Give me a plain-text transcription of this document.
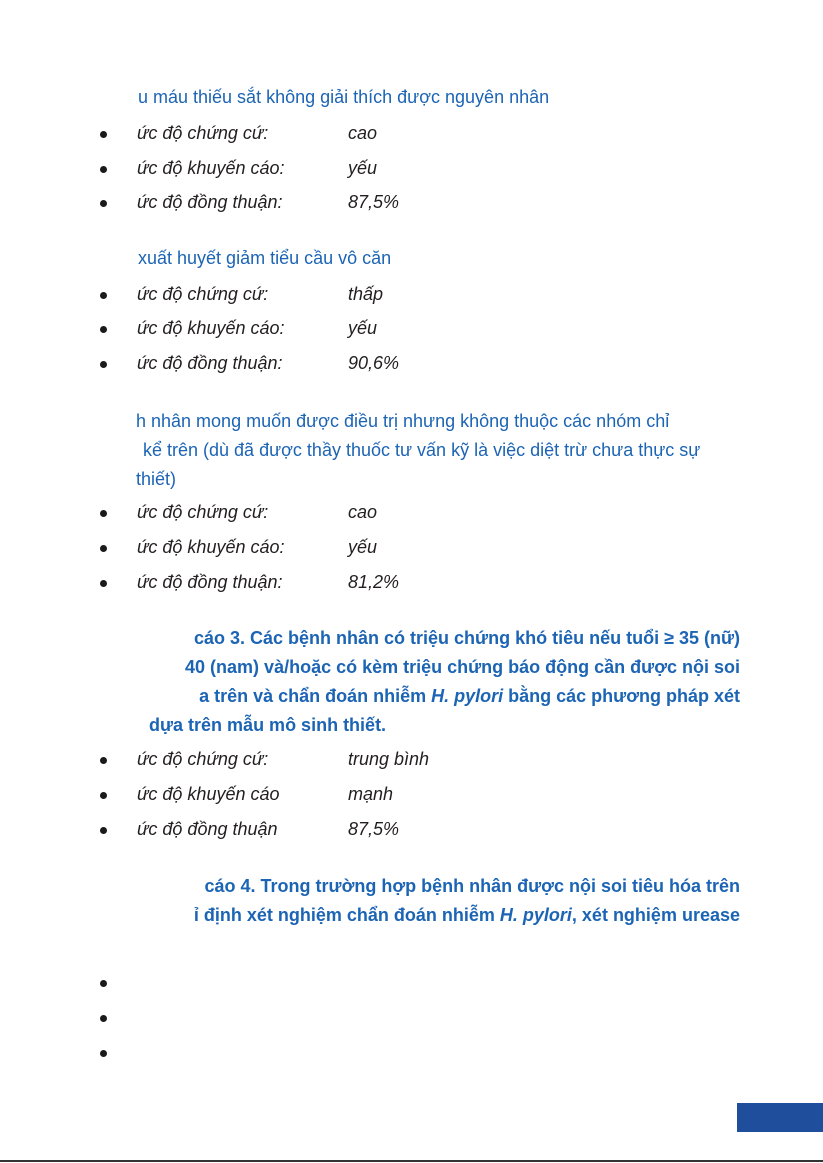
u máu thiếu sắt không giải thích được nguyên nhân
ức độ chứng cứ:	cao
ức độ khuyến cáo:	yếu
ức độ đồng thuận:	87,5%
xuất huyết giảm tiểu cầu vô căn
ức độ chứng cứ:	thấp
ức độ khuyến cáo:	yếu
ức độ đồng thuận:	90,6%
h nhân mong muốn được điều trị nhưng không thuộc các nhóm chỉ
kể trên (dù đã được thầy thuốc tư vấn kỹ là việc diệt trừ chưa thực sự
thiết)
ức độ chứng cứ:	cao
ức độ khuyến cáo:	yếu
ức độ đồng thuận:	81,2%
cáo 3. Các bệnh nhân có triệu chứng khó tiêu nếu tuổi ≥ 35 (nữ)
40 (nam) và/hoặc có kèm triệu chứng báo động cần được nội soi
a trên và chẩn đoán nhiễm H. pylori bằng các phương pháp xét
dựa trên mẫu mô sinh thiết.
ức độ chứng cứ:	trung bình
ức độ khuyến cáo	mạnh
ức độ đồng thuận	87,5%
cáo 4. Trong trường hợp bệnh nhân được nội soi tiêu hóa trên
ỉ định xét nghiệm chẩn đoán nhiễm H. pylori, xét nghiệm urease
